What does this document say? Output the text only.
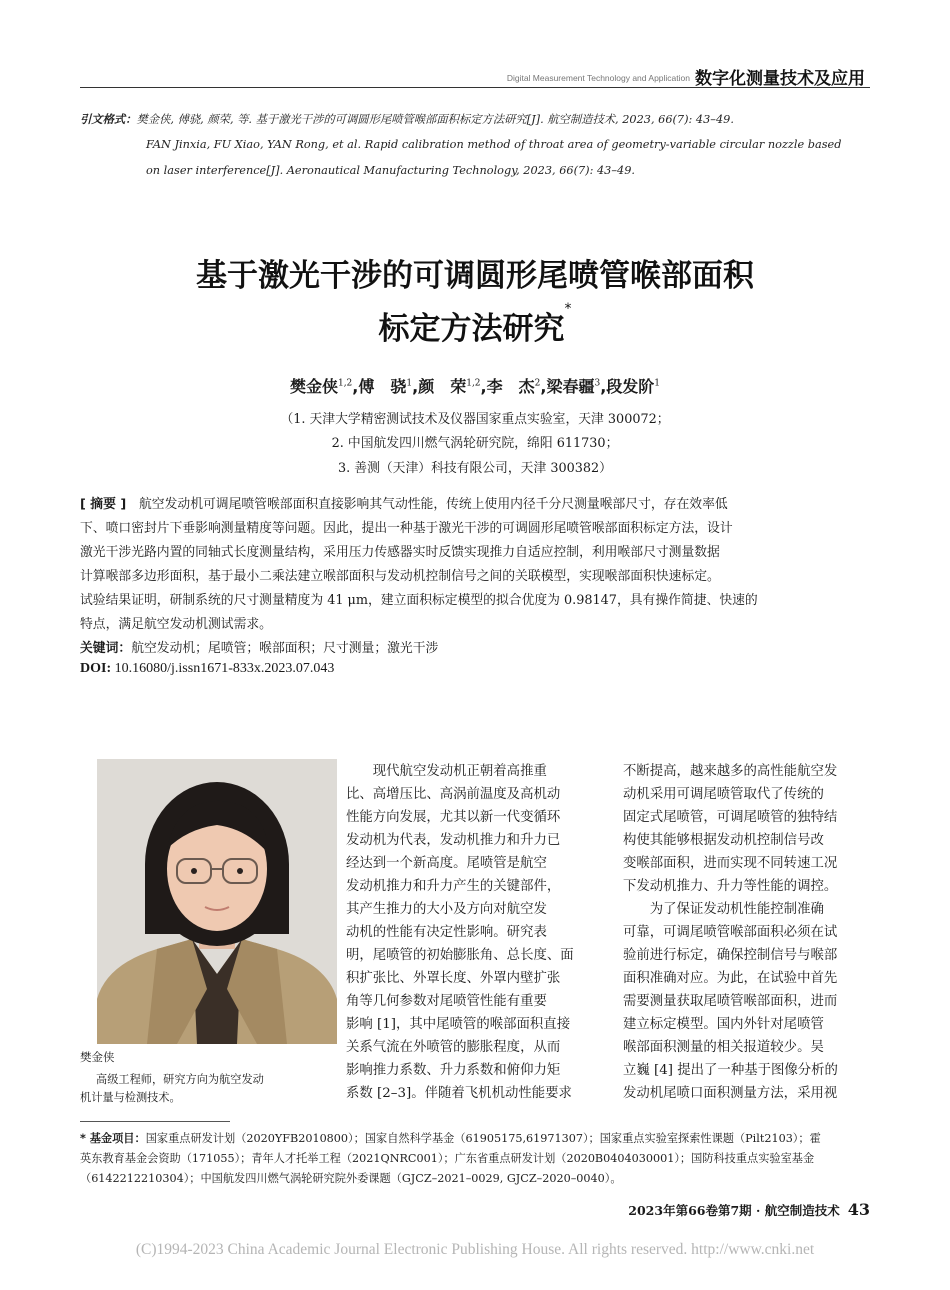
Digital Measurement Technology and Application 数字化测量技术及应用
引文格式：樊金侠, 傅骁, 颜荣, 等. 基于激光干涉的可调圆形尾喷管喉部面积标定方法研究[J]. 航空制造技术, 2023, 66(7): 43–49.
FAN Jinxia, FU Xiao, YAN Rong, et al. Rapid calibration method of throat area of geometry-variable circular nozzle based
on laser interference[J]. Aeronautical Manufacturing Technology, 2023, 66(7): 43–49.
基于激光干涉的可调圆形尾喷管喉部面积
标定方法研究*
樊金侠$^{1,2}$,傅　骁$^1$,颜　荣$^{1,2}$,李　杰$^2$,梁春疆$^3$,段发阶$^1$
（1. 天津大学精密测试技术及仪器国家重点实验室，天津 300072；
2. 中国航发四川燃气涡轮研究院，绵阳 611730；
3. 善测（天津）科技有限公司，天津 300382）
[ 摘要 ]　 航空发动机可调尾喷管喉部面积直接影响其气动性能，传统上使用内径千分尺测量喉部尺寸，存在效率低
下、喷口密封片下垂影响测量精度等问题。因此，提出一种基于激光干涉的可调圆形尾喷管喉部面积标定方法，设计
激光干涉光路内置的同轴式长度测量结构，采用压力传感器实时反馈实现推力自适应控制，利用喉部尺寸测量数据
计算喉部多边形面积，基于最小二乘法建立喉部面积与发动机控制信号之间的关联模型，实现喉部面积快速标定。
试验结果证明，研制系统的尺寸测量精度为 41 μm，建立面积标定模型的拟合优度为 0.98147，具有操作简捷、快速的
特点，满足航空发动机测试需求。
关键词：航空发动机；尾喷管；喉部面积；尺寸测量；激光干涉
DOI: 10.16080/j.issn1671-833x.2023.07.043
樊金侠
高级工程师，研究方向为航空发动
机计量与检测技术。
　　现代航空发动机正朝着高推重
比、高增压比、高涡前温度及高机动
性能方向发展，尤其以新一代变循环
发动机为代表，发动机推力和升力已
经达到一个新高度。尾喷管是航空
发动机推力和升力产生的关键部件，
其产生推力的大小及方向对航空发
动机的性能有决定性影响。研究表
明，尾喷管的初始膨胀角、总长度、面
积扩张比、外罩长度、外罩内壁扩张
角等几何参数对尾喷管性能有重要
影响 [1]，其中尾喷管的喉部面积直接
关系气流在外喷管的膨胀程度，从而
影响推力系数、升力系数和俯仰力矩
系数 [2–3]。伴随着飞机机动性能要求
不断提高，越来越多的高性能航空发
动机采用可调尾喷管取代了传统的
固定式尾喷管，可调尾喷管的独特结
构使其能够根据发动机控制信号改
变喉部面积，进而实现不同转速工况
下发动机推力、升力等性能的调控。
　　为了保证发动机性能控制准确
可靠，可调尾喷管喉部面积必须在试
验前进行标定，确保控制信号与喉部
面积准确对应。为此，在试验中首先
需要测量获取尾喷管喉部面积，进而
建立标定模型。国内外针对尾喷管
喉部面积测量的相关报道较少。吴
立巍 [4] 提出了一种基于图像分析的
发动机尾喷口面积测量方法，采用视
* 基金项目：国家重点研发计划（2020YFB2010800）；国家自然科学基金（61905175,61971307）；国家重点实验室探索性课题（Pilt2103）；霍
英东教育基金会资助（171055）；青年人才托举工程（2021QNRC001）；广东省重点研发计划（2020B0404030001）；国防科技重点实验室基金
（6142212210304）；中国航发四川燃气涡轮研究院外委课题（GJCZ–2021–0029, GJCZ–2020–0040）。
2023年第66卷第7期 · 航空制造技术 43
(C)1994-2023 China Academic Journal Electronic Publishing House. All rights reserved. http://www.cnki.net
